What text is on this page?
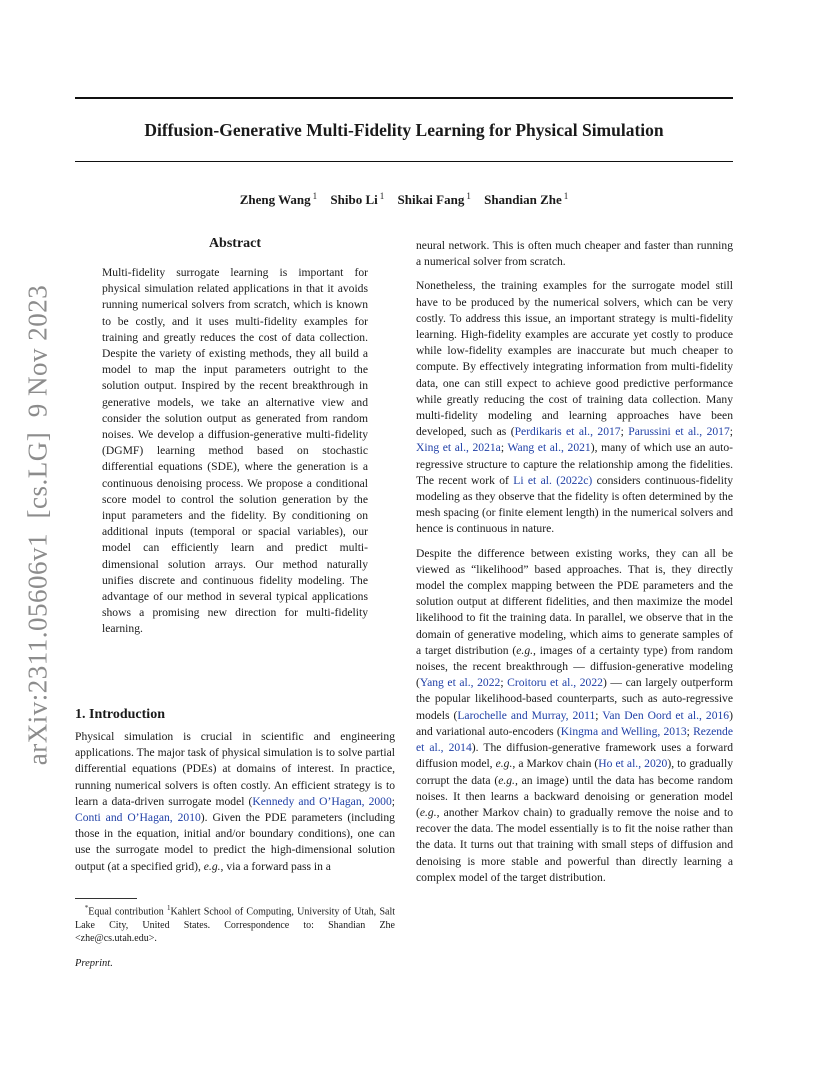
Diffusion-Generative Multi-Fidelity Learning for Physical Simulation
Zheng Wang $^1$ Shibo Li $^1$ Shikai Fang $^1$ Shandian Zhe $^1$
arXiv:2311.05606v1  [cs.LG]  9 Nov 2023
Abstract
Multi-fidelity surrogate learning is important for physical simulation related applications in that it avoids running numerical solvers from scratch, which is known to be costly, and it uses multi-fidelity examples for training and greatly reduces the cost of data collection. Despite the variety of existing methods, they all build a model to map the input parameters outright to the solution output. Inspired by the recent breakthrough in generative models, we take an alternative view and consider the solution output as generated from random noises. We develop a diffusion-generative multi-fidelity (DGMF) learning method based on stochastic differential equations (SDE), where the generation is a continuous denoising process. We propose a conditional score model to control the solution generation by the input parameters and the fidelity. By conditioning on additional inputs (temporal or spacial variables), our model can efficiently learn and predict multi-dimensional solution arrays. Our method naturally unifies discrete and continuous fidelity modeling. The advantage of our method in several typical applications shows a promising new direction for multi-fidelity learning.
1. Introduction
Physical simulation is crucial in scientific and engineering applications. The major task of physical simulation is to solve partial differential equations (PDEs) at domains of interest. In practice, running numerical solvers is often costly. An efficient strategy is to learn a data-driven surrogate model (Kennedy and O’Hagan, 2000; Conti and O’Hagan, 2010). Given the PDE parameters (including those in the equation, initial and/or boundary conditions), one can use the surrogate model to predict the high-dimensional solution output (at a specified grid), e.g., via a forward pass in a
*Equal contribution $^1$Kahlert School of Computing, University of Utah, Salt Lake City, United States. Correspondence to: Shandian Zhe <zhe@cs.utah.edu>.
Preprint.

neural network. This is often much cheaper and faster than running a numerical solver from scratch.

Nonetheless, the training examples for the surrogate model still have to be produced by the numerical solvers, which can be very costly. To address this issue, an important strategy is multi-fidelity learning. High-fidelity examples are accurate yet costly to produce while low-fidelity examples are inaccurate but much cheaper to compute. By effectively integrating information from multi-fidelity data, one can still expect to achieve good predictive performance while greatly reducing the cost of training data collection. Many multi-fidelity modeling and learning approaches have been developed, such as (Perdikaris et al., 2017; Parussini et al., 2017; Xing et al., 2021a; Wang et al., 2021), many of which use an auto-regressive structure to capture the relationship among the fidelities. The recent work of Li et al. (2022c) considers continuous-fidelity modeling as they observe that the fidelity is often determined by the mesh spacing (or finite element length) in the numerical solvers and hence is continuous in nature.

Despite the difference between existing works, they can all be viewed as “likelihood” based approaches. That is, they directly model the complex mapping between the PDE parameters and the solution output at different fidelities, and then maximize the model likelihood to fit the training data. In parallel, we observe that in the domain of generative modeling, which aims to generate samples of a target distribution (e.g., images of a certainty type) from random noises, the recent breakthrough — diffusion-generative modeling (Yang et al., 2022; Croitoru et al., 2022) — can largely outperform the popular likelihood-based counterparts, such as auto-regressive models (Larochelle and Murray, 2011; Van Den Oord et al., 2016) and variational auto-encoders (Kingma and Welling, 2013; Rezende et al., 2014). The diffusion-generative framework uses a forward diffusion model, e.g., a Markov chain (Ho et al., 2020), to gradually corrupt the data (e.g., an image) until the data has become random noises. It then learns a backward denoising or generation model (e.g., another Markov chain) to gradually remove the noise and to recover the data. The model essentially is to fit the noise rather than the data. It turns out that training with small steps of diffusion and denoising is more stable and powerful than directly learning a complex model of the target distribution.
